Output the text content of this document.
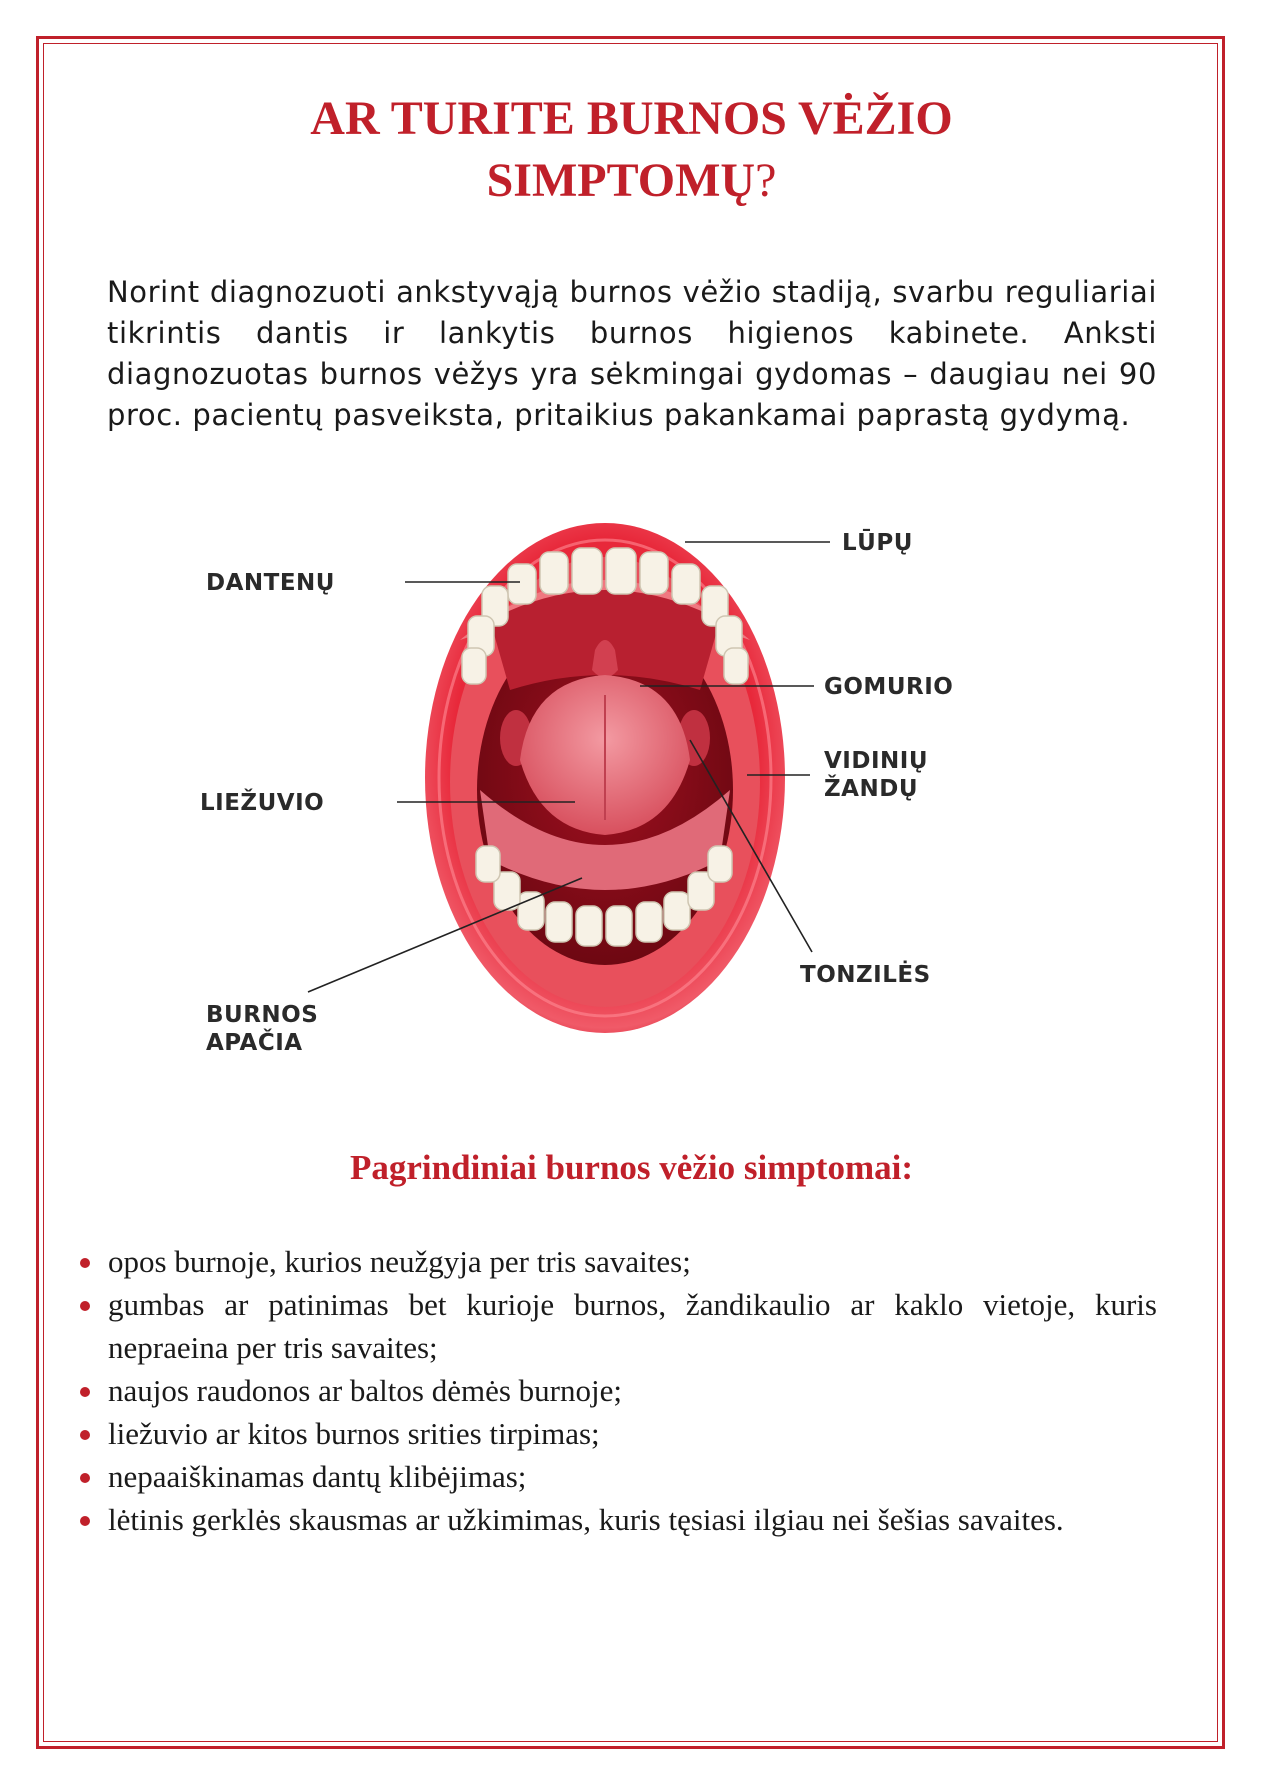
AR TURITE BURNOS VĖŽIO
SIMPTOMŲ?

Norint diagnozuoti ankstyvąją burnos vėžio stadiją, svarbu reguliariai tikrintis dantis ir lankytis burnos higienos kabinete. Anksti diagnozuotas burnos vėžys yra sėkmingai gydomas – daugiau nei 90 proc. pacientų pasveiksta, pritaikius pakankamai paprastą gydymą.

LŪPŲ
DANTENŲ
GOMURIO
VIDINIŲ
ŽANDŲ
LIEŽUVIO
TONZILĖS
BURNOS
APAČIA
Pagrindiniai burnos vėžio simptomai:
opos burnoje, kurios neužgyja per tris savaites;
gumbas ar patinimas bet kurioje burnos, žandikaulio ar kaklo vietoje, kuris nepraeina per tris savaites;
naujos raudonos ar baltos dėmės burnoje;
liežuvio ar kitos burnos srities tirpimas;
nepaaiškinamas dantų klibėjimas;
lėtinis gerklės skausmas ar užkimimas, kuris tęsiasi ilgiau nei šešias savaites.
